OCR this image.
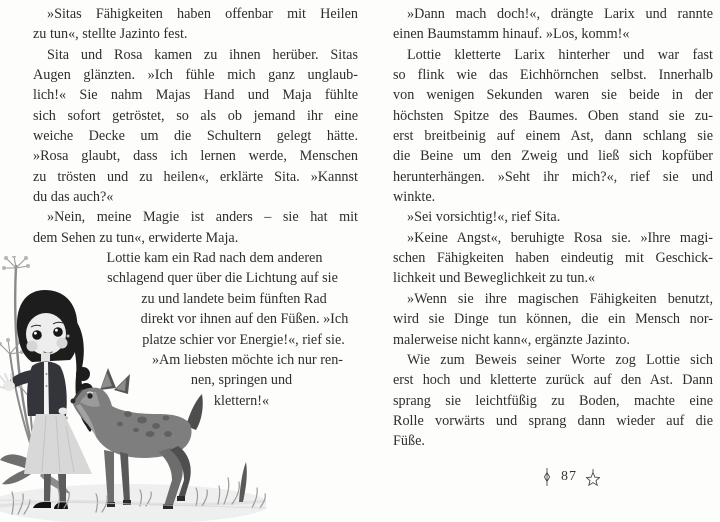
»Sitas Fähigkeiten haben offenbar mit Heilen
zu tun«, stellte Jazinto fest.
Sita und Rosa kamen zu ihnen herüber. Sitas
Augen glänzten. »Ich fühle mich ganz unglaub-
lich!« Sie nahm Majas Hand und Maja fühlte
sich sofort getröstet, so als ob jemand ihr eine
weiche Decke um die Schultern gelegt hätte.
»Rosa glaubt, dass ich lernen werde, Menschen
zu trösten und zu heilen«, erklärte Sita. »Kannst
du das auch?«
»Nein, meine Magie ist anders – sie hat mit
dem Sehen zu tun«, erwiderte Maja.
Lottie kam ein Rad nach dem anderen
schlagend quer über die Lichtung auf sie
zu und landete beim fünften Rad
direkt vor ihnen auf den Füßen. »Ich
platze schier vor Energie!«, rief sie.
»Am liebsten möchte ich nur ren-
nen, springen und klettern!«
»Dann mach doch!«, drängte Larix und rannte
einen Baumstamm hinauf. »Los, komm!«
Lottie kletterte Larix hinterher und war fast
so flink wie das Eichhörnchen selbst. Innerhalb
von wenigen Sekunden waren sie beide in der
höchsten Spitze des Baumes. Oben stand sie zu-
erst breitbeinig auf einem Ast, dann schlang sie
die Beine um den Zweig und ließ sich kopfüber
herunterhängen. »Seht ihr mich?«, rief sie und
winkte.
»Sei vorsichtig!«, rief Sita.
»Keine Angst«, beruhigte Rosa sie. »Ihre magi-
schen Fähigkeiten haben eindeutig mit Geschick-
lichkeit und Beweglichkeit zu tun.«
»Wenn sie ihre magischen Fähigkeiten benutzt,
wird sie Dinge tun können, die ein Mensch nor-
malerweise nicht kann«, ergänzte Jazinto.
Wie zum Beweis seiner Worte zog Lottie sich
erst hoch und kletterte zurück auf den Ast. Dann
sprang sie leichtfüßig zu Boden, machte eine
Rolle vorwärts und sprang dann wieder auf die
Füße.
87
